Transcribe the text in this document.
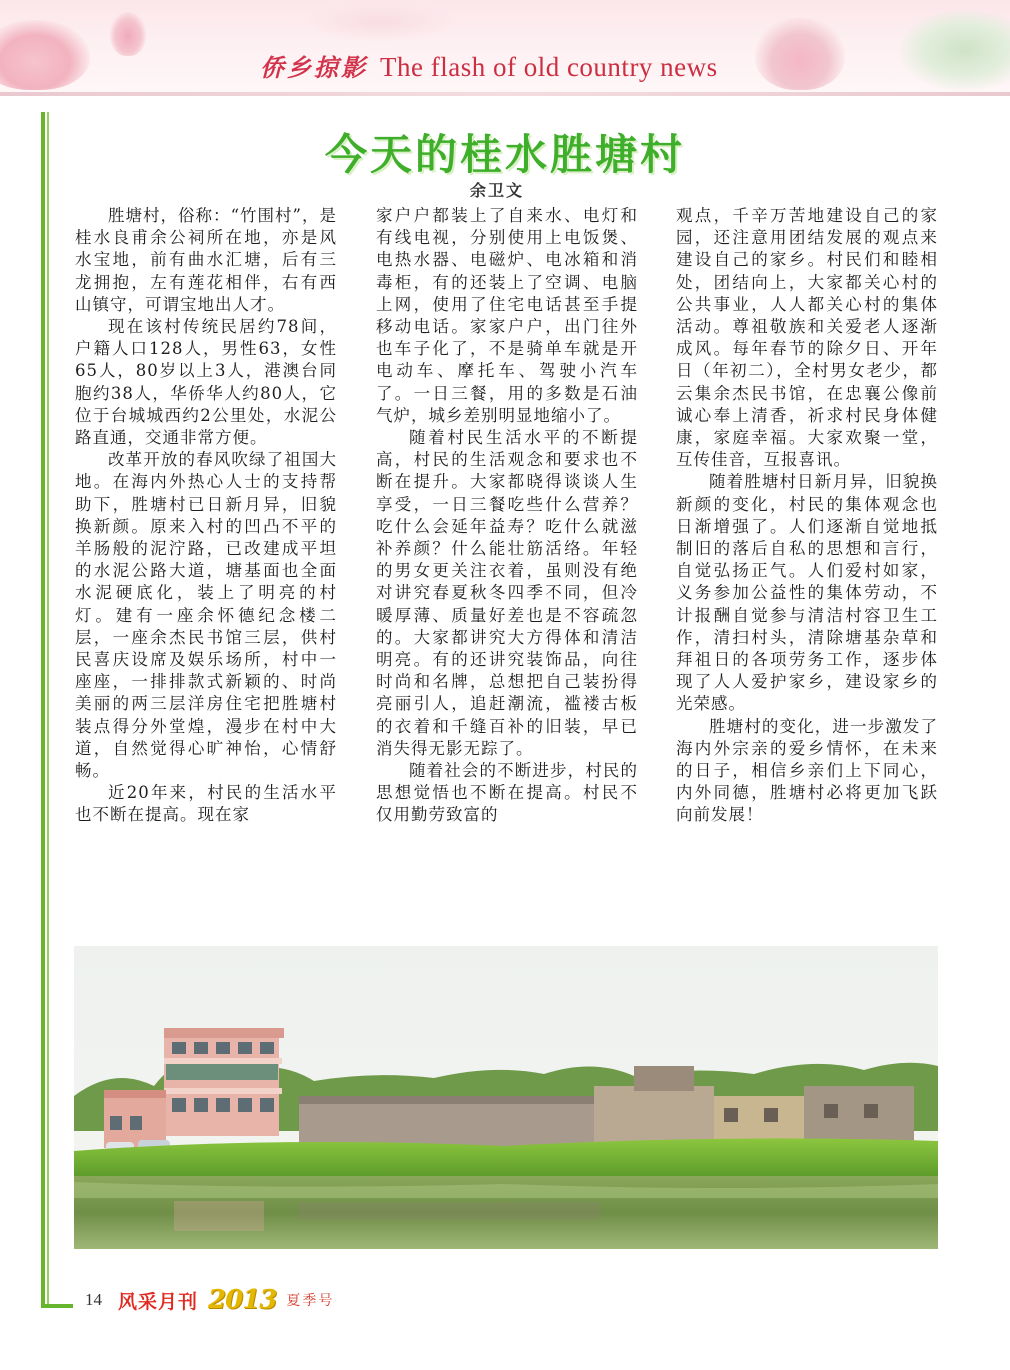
侨乡掠影 The flash of old country news
今天的桂水胜塘村
余卫文

胜塘村，俗称：“竹围村”，是桂水良甫余公祠所在地，亦是风水宝地，前有曲水汇塘，后有三龙拥抱，左有莲花相伴，右有西山镇守，可谓宝地出人才。

现在该村传统民居约78间，户籍人口128人，男性63，女性65人，80岁以上3人，港澳台同胞约38人，华侨华人约80人，它位于台城城西约2公里处，水泥公路直通，交通非常方便。

改革开放的春风吹绿了祖国大地。在海内外热心人士的支持帮助下，胜塘村已日新月异，旧貌换新颜。原来入村的凹凸不平的羊肠般的泥泞路，已改建成平坦的水泥公路大道，塘基面也全面水泥硬底化，装上了明亮的村灯。建有一座余怀德纪念楼二层，一座余杰民书馆三层，供村民喜庆设席及娱乐场所，村中一座座，一排排款式新颖的、时尚美丽的两三层洋房住宅把胜塘村装点得分外堂煌，漫步在村中大道，自然觉得心旷神怡，心情舒畅。

近20年来，村民的生活水平也不断在提高。现在家

家户户都装上了自来水、电灯和有线电视，分别使用上电饭煲、电热水器、电磁炉、电冰箱和消毒柜，有的还装上了空调、电脑上网，使用了住宅电话甚至手提移动电话。家家户户，出门往外也车子化了，不是骑单车就是开电动车、摩托车、驾驶小汽车了。一日三餐，用的多数是石油气炉，城乡差别明显地缩小了。

随着村民生活水平的不断提高，村民的生活观念和要求也不断在提升。大家都晓得谈谈人生享受，一日三餐吃些什么营养？吃什么会延年益寿？吃什么就滋补养颜？什么能壮筋活络。年轻的男女更关注衣着，虽则没有绝对讲究春夏秋冬四季不同，但冷暖厚薄、质量好差也是不容疏忽的。大家都讲究大方得体和清洁明亮。有的还讲究装饰品，向往时尚和名牌，总想把自己装扮得亮丽引人，追赶潮流，褴褛古板的衣着和千缝百补的旧装，早已消失得无影无踪了。

随着社会的不断进步，村民的思想觉悟也不断在提高。村民不仅用勤劳致富的

观点，千辛万苦地建设自己的家园，还注意用团结发展的观点来建设自己的家乡。村民们和睦相处，团结向上，大家都关心村的公共事业，人人都关心村的集体活动。尊祖敬族和关爱老人逐渐成风。每年春节的除夕日、开年日（年初二），全村男女老少，都云集余杰民书馆，在忠襄公像前诚心奉上清香，祈求村民身体健康，家庭幸福。大家欢聚一堂，互传佳音，互报喜讯。

随着胜塘村日新月异，旧貌换新颜的变化，村民的集体观念也日渐增强了。人们逐渐自觉地抵制旧的落后自私的思想和言行，自觉弘扬正气。人们爱村如家，义务参加公益性的集体劳动，不计报酬自觉参与清洁村容卫生工作，清扫村头，清除塘基杂草和拜祖日的各项劳务工作，逐步体现了人人爱护家乡，建设家乡的光荣感。

胜塘村的变化，进一步激发了海内外宗亲的爱乡情怀，在未来的日子，相信乡亲们上下同心，内外同德，胜塘村必将更加飞跃向前发展！

14 风采月刊 2013 夏季号
